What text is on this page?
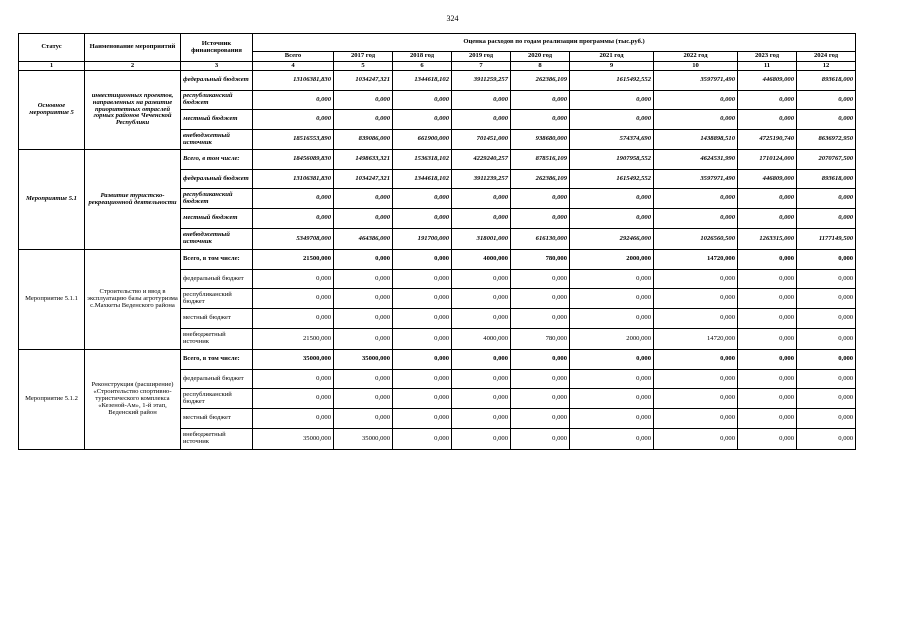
324
Статус	Наименование мероприятий	Источник финансирования	Оценка расходов по годам реализации программы (тыс.руб.)								
			Всего	2017 год	2018 год	2019 год	2020 год	2021 год	2022 год	2023 год	2024 год
1	2	3	4	5	6	7	8	9	10	11	12
Основное мероприятие 5	инвестиционных проектов, направленных на развитие приоритетных отраслей горных районов Чеченской Республики	федеральный бюджет	13106381,830	1034247,321	1344618,102	3911259,257	262386,109	1615492,552	3597971,490	446809,000	893618,000
		республиканский бюджет	0,000	0,000	0,000	0,000	0,000	0,000	0,000	0,000	0,000
		местный бюджет	0,000	0,000	0,000	0,000	0,000	0,000	0,000	0,000	0,000
		внебюджетный источник	18516553,890	839086,000	661900,000	701451,000	938680,000	574374,690	1438898,510	4725190,740	8636972,950
Мероприятие 5.1	Развитие туристско-рекреационной деятельности	Всего, в том числе:	18456089,830	1498633,321	1536318,102	4229240,257	878516,109	1907958,552	4624531,990	1710124,000	2070767,500
		федеральный бюджет	13106381,830	1034247,321	1344618,102	3911239,257	262386,109	1615492,552	3597971,490	446809,000	893618,000
		республиканский бюджет	0,000	0,000	0,000	0,000	0,000	0,000	0,000	0,000	0,000
		местный бюджет	0,000	0,000	0,000	0,000	0,000	0,000	0,000	0,000	0,000
		внебюджетный источник	5349708,000	464386,000	191700,000	318001,000	616130,000	292466,000	1026560,500	1263315,000	1177149,500
Мероприятие 5.1.1	Строительство и ввод в эксплуатацию базы агротуризма с.Махкеты Веденского района	Всего, в том числе:	21500,000	0,000	0,000	4000,000	780,000	2000,000	14720,000	0,000	0,000
		федеральный бюджет	0,000	0,000	0,000	0,000	0,000	0,000	0,000	0,000	0,000
		республиканский бюджет	0,000	0,000	0,000	0,000	0,000	0,000	0,000	0,000	0,000
		местный бюджет	0,000	0,000	0,000	0,000	0,000	0,000	0,000	0,000	0,000
		внебюджетный источник	21500,000	0,000	0,000	4000,000	780,000	2000,000	14720,000	0,000	0,000
Мероприятие 5.1.2	Реконструкция (расширение) «Строительство спортивно-туристического комплекса «Кезеной-Ам», 1-й этап, Веденский район	Всего, в том числе:	35000,000	35000,000	0,000	0,000	0,000	0,000	0,000	0,000	0,000
		федеральный бюджет	0,000	0,000	0,000	0,000	0,000	0,000	0,000	0,000	0,000
		республиканский бюджет	0,000	0,000	0,000	0,000	0,000	0,000	0,000	0,000	0,000
		местный бюджет	0,000	0,000	0,000	0,000	0,000	0,000	0,000	0,000	0,000
		внебюджетный источник	35000,000	35000,000	0,000	0,000	0,000	0,000	0,000	0,000	0,000
